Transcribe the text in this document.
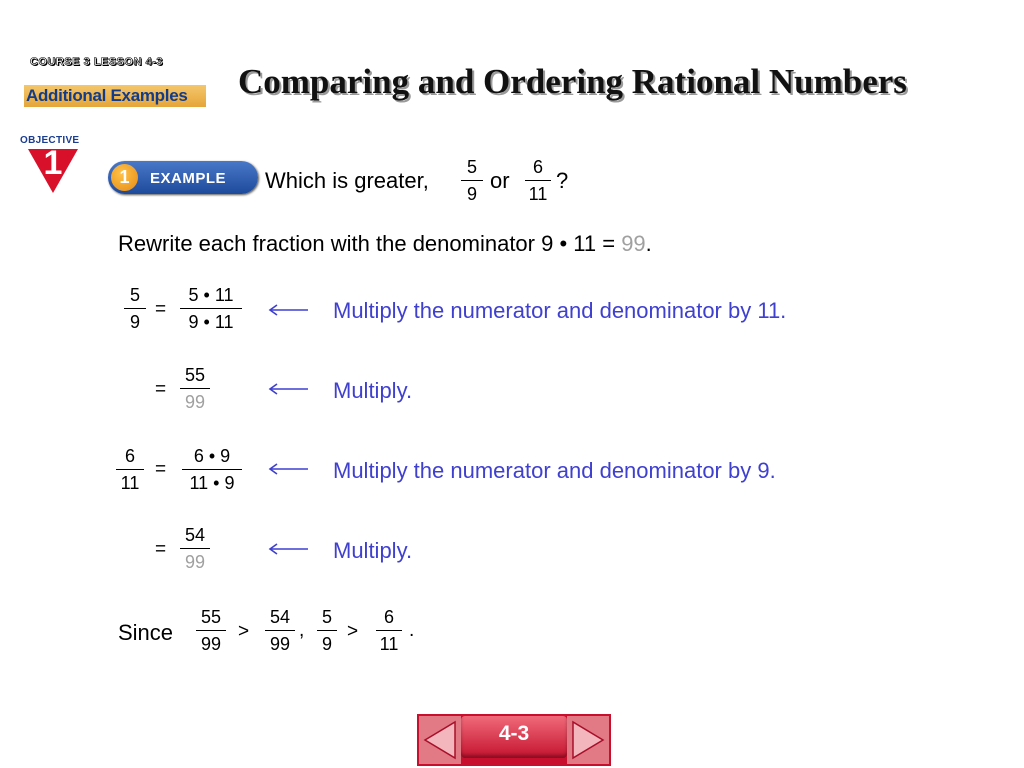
COURSE 3 LESSON 4-3
Additional Examples	Comparing and Ordering Rational Numbers
OBJECTIVE
1	1	EXAMPLE Which is greater,
5
9
or
6
11
?
Rewrite each fraction with the denominator 9 • 11 = 99.
5
9
=
5 • 11
9 • 11	Multiply the numerator and denominator by 11.
=
55
99	Multiply.
6
11
=
6 • 9
11 • 9	Multiply the numerator and denominator by 9.
=
54
99	Multiply.
Since
55
99
>
54
99
,
5
9
>
6
11
.
4-3
